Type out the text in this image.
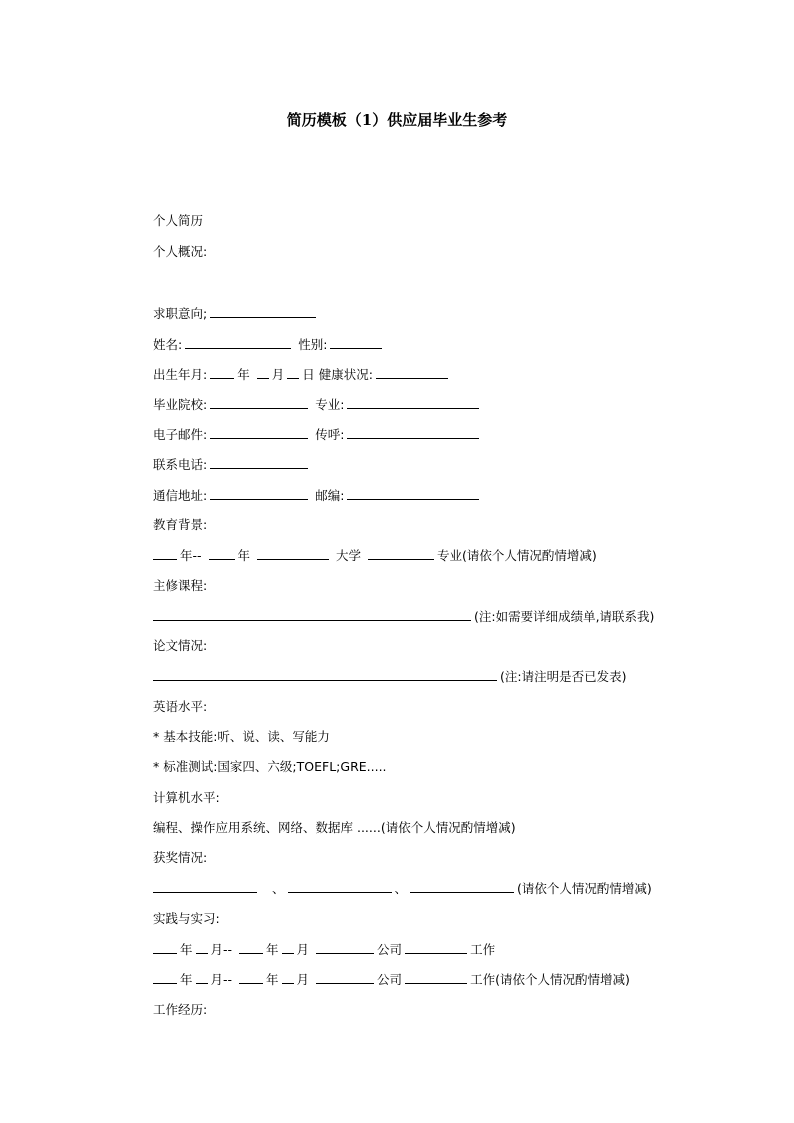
简历模板（1）供应届毕业生参考
个人简历
个人概况:
求职意向;
姓名:	性别:
出生年月: 年 月 日 健康状况:
毕业院校:	专业:
电子邮件:	传呼:
联系电话:
通信地址:	邮编:
教育背景:
年--	年	大学	专业(请依个人情况酌情增减)
主修课程:
(注:如需要详细成绩单,请联系我)
论文情况:
(注:请注明是否已发表)
英语水平:
* 基本技能:听、说、读、写能力
* 标准测试:国家四、六级;TOEFL;GRE.....
计算机水平:
编程、操作应用系统、网络、数据库 ......(请依个人情况酌情增减)
获奖情况:
、	、	(请依个人情况酌情增减)
实践与实习:
年 月--	年 月	公司	工作
年 月--	年 月	公司	工作(请依个人情况酌情增减)
工作经历:
